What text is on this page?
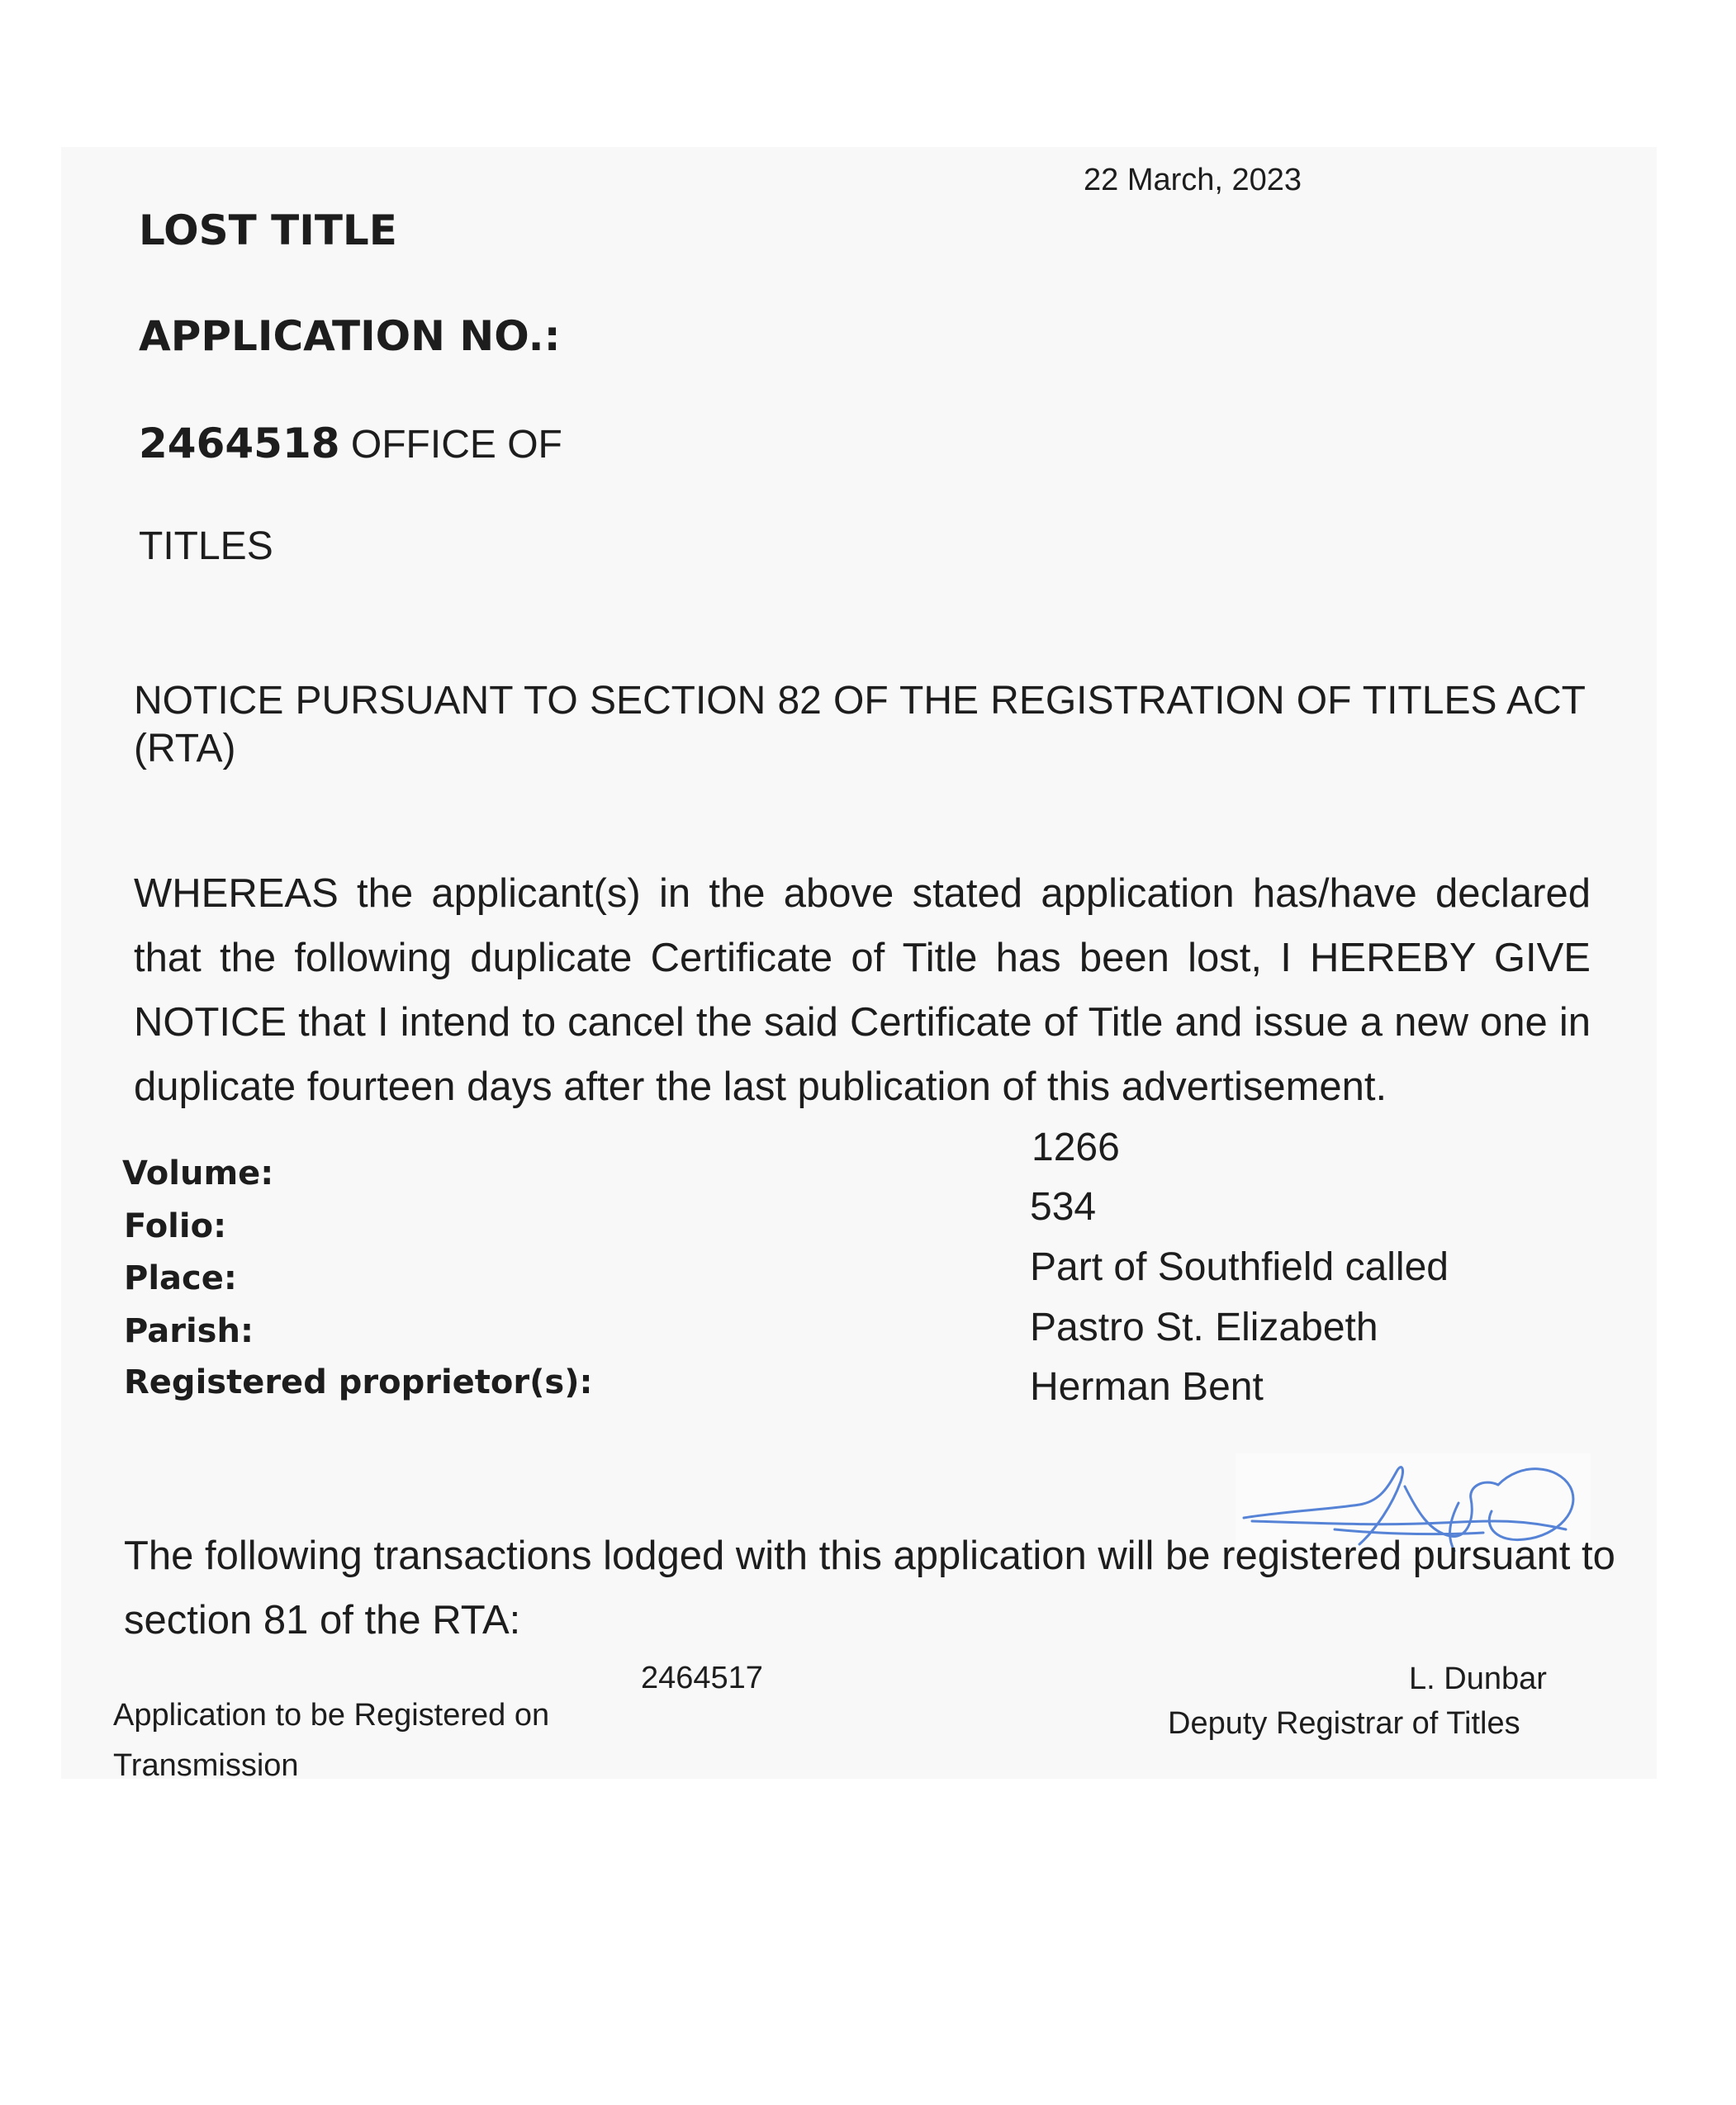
22 March, 2023
LOST TITLE
APPLICATION NO.:
2464518 OFFICE OF
TITLES
NOTICE PURSUANT TO SECTION 82 OF THE REGISTRATION OF TITLES ACT (RTA)
WHEREAS the applicant(s) in the above stated application has/have declared that the following duplicate Certificate of Title has been lost, I HEREBY GIVE NOTICE that I intend to cancel the said Certificate of Title and issue a new one in duplicate fourteen days after the last publication of this advertisement.
Volume:
Folio:
Place:
Parish:
Registered proprietor(s):
1266
534
Part of Southfield called
Pastro St. Elizabeth
Herman Bent
The following transactions lodged with this application will be registered pursuant to section 81 of the RTA:
2464517
Application to be Registered on Transmission
L. Dunbar
Deputy Registrar of Titles
